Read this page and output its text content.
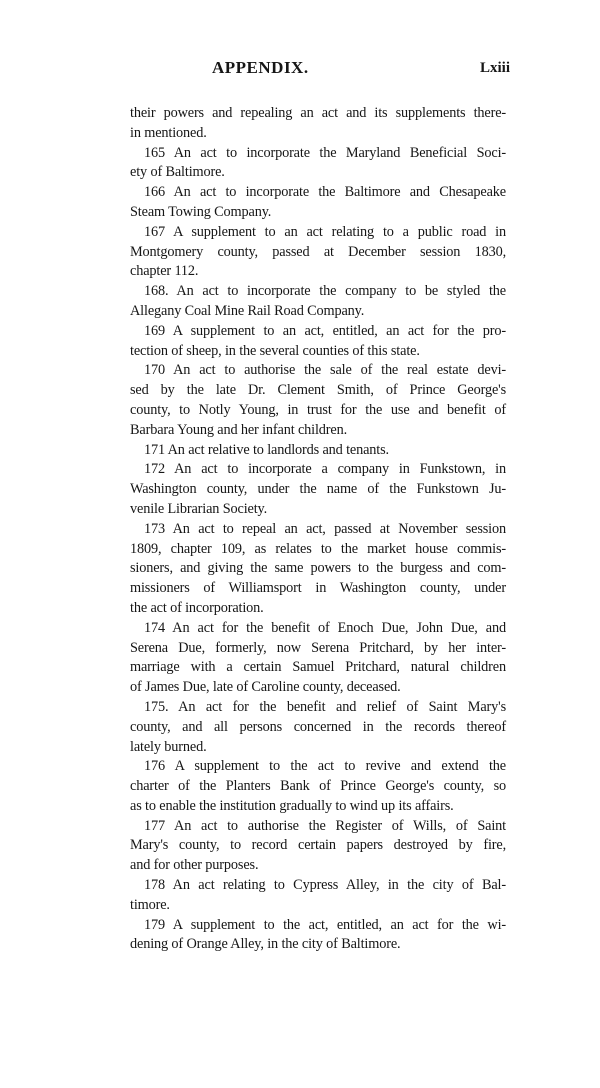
APPENDIX.	Lxiii
their powers and repealing an act and its supplements there-
in mentioned.
165 An act to incorporate the Maryland Beneficial Soci-
ety of Baltimore.
166 An act to incorporate the Baltimore and Chesapeake
Steam Towing Company.
167 A supplement to an act relating to a public road in
Montgomery county, passed at December session 1830,
chapter 112.
168. An act to incorporate the company to be styled the
Allegany Coal Mine Rail Road Company.
169 A supplement to an act, entitled, an act for the pro-
tection of sheep, in the several counties of this state.
170 An act to authorise the sale of the real estate devi-
sed by the late Dr. Clement Smith, of Prince George's
county, to Notly Young, in trust for the use and benefit of
Barbara Young and her infant children.
171 An act relative to landlords and tenants.
172 An act to incorporate a company in Funkstown, in
Washington county, under the name of the Funkstown Ju-
venile Librarian Society.
173 An act to repeal an act, passed at November session
1809, chapter 109, as relates to the market house commis-
sioners, and giving the same powers to the burgess and com-
missioners of Williamsport in Washington county, under
the act of incorporation.
174 An act for the benefit of Enoch Due, John Due, and
Serena Due, formerly, now Serena Pritchard, by her inter-
marriage with a certain Samuel Pritchard, natural children
of James Due, late of Caroline county, deceased.
175. An act for the benefit and relief of Saint Mary's
county, and all persons concerned in the records thereof
lately burned.
176 A supplement to the act to revive and extend the
charter of the Planters Bank of Prince George's county, so
as to enable the institution gradually to wind up its affairs.
177 An act to authorise the Register of Wills, of Saint
Mary's county, to record certain papers destroyed by fire,
and for other purposes.
178 An act relating to Cypress Alley, in the city of Bal-
timore.
179 A supplement to the act, entitled, an act for the wi-
dening of Orange Alley, in the city of Baltimore.
